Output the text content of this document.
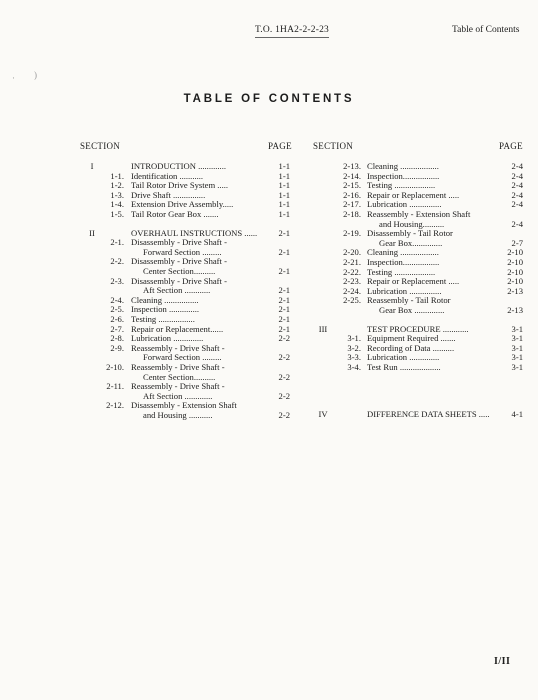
T.O. 1HA2-2-2-23	Table of Contents
· )
TABLE OF CONTENTS
SECTION	PAGE SECTION	PAGE
I	INTRODUCTION .............	1-1
1-1. Identification ...........	1-1
1-2. Tail Rotor Drive System .....	1-1
1-3. Drive Shaft ...............	1-1
1-4. Extension Drive Assembly.....	1-1
1-5. Tail Rotor Gear Box .......	1-1
II	OVERHAUL INSTRUCTIONS ......	2-1
2-1. Disassembly - Drive Shaft -
Forward Section .........	2-1
2-2. Disassembly - Drive Shaft -
Center Section..........	2-1
2-3. Disassembly - Drive Shaft -
Aft Section ............	2-1
2-4. Cleaning ................	2-1
2-5. Inspection ..............	2-1
2-6. Testing .................	2-1
2-7. Repair or Replacement......	2-1
2-8. Lubrication ..............	2-2
2-9. Reassembly - Drive Shaft -
Forward Section .........	2-2
2-10. Reassembly - Drive Shaft -
Center Section..........	2-2
2-11. Reassembly - Drive Shaft -
Aft Section .............	2-2
2-12. Disassembly - Extension Shaft
and Housing ...........	2-2
2-13. Cleaning ..................	2-4
2-14. Inspection.................	2-4
2-15. Testing ...................	2-4
2-16. Repair or Replacement .....	2-4
2-17. Lubrication ...............	2-4
2-18. Reassembly - Extension Shaft
and Housing..........	2-4
2-19. Disassembly - Tail Rotor
Gear Box..............	2-7
2-20. Cleaning ..................	2-10
2-21. Inspection.................	2-10
2-22. Testing ...................	2-10
2-23. Repair or Replacement .....	2-10
2-24. Lubrication ...............	2-13
2-25. Reassembly - Tail Rotor
Gear Box ..............	2-13
III	TEST PROCEDURE ............	3-1
3-1. Equipment Required .......	3-1
3-2. Recording of Data ..........	3-1
3-3. Lubrication ..............	3-1
3-4. Test Run ...................	3-1
IV	DIFFERENCE DATA SHEETS .....	4-1
I/II
